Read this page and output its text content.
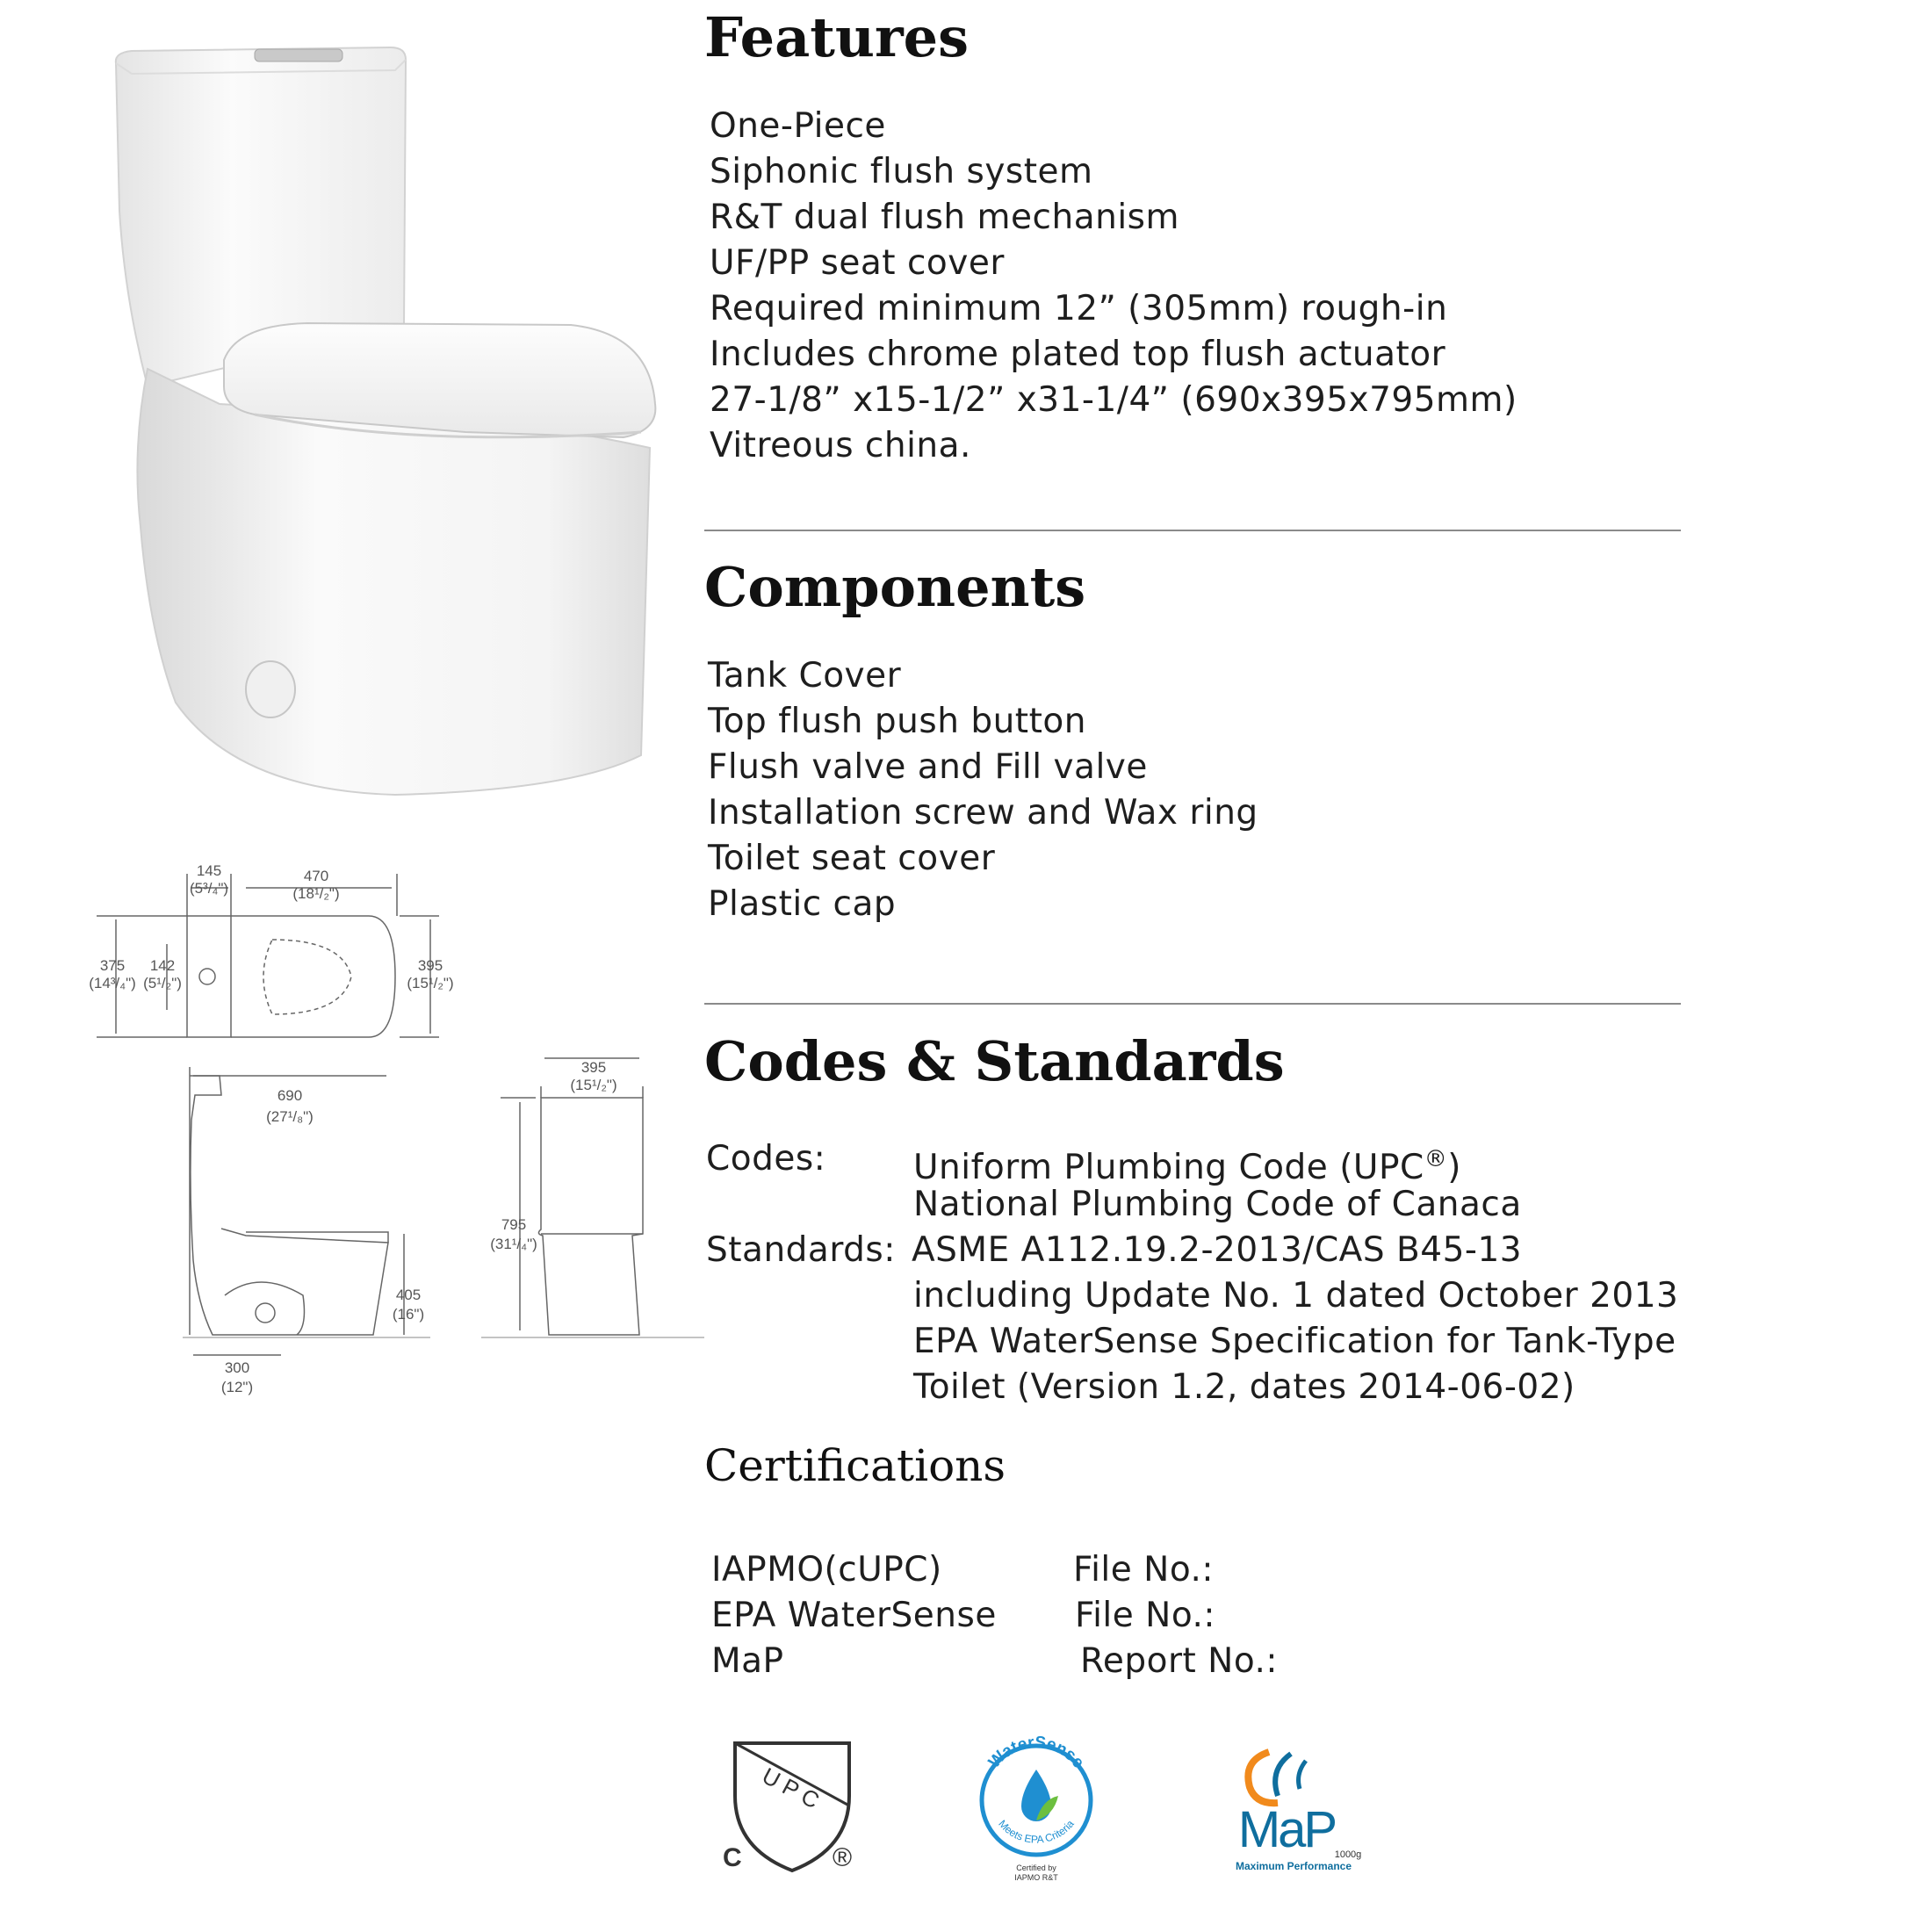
145
(5³/₄")
470
(18¹/₂")
375
(14³/₄")
142
(5¹/₂")
395
(15¹/₂")
690
(27¹/₈")
405
(16")
300
(12")
395
(15¹/₂")
795
(31¹/₄")
Features
One-Piece
Siphonic flush system
R&T dual flush mechanism
UF/PP seat cover
Required minimum 12” (305mm) rough-in
Includes chrome plated top flush actuator
27-1/8” x15-1/2” x31-1/4” (690x395x795mm)
Vitreous china.
Components
Tank Cover
Top flush push button
Flush valve and Fill valve
Installation screw and Wax ring
Toilet seat cover
Plastic cap
Codes & Standards
Codes:	Uniform Plumbing Code (UPC®)
National Plumbing Code of Canaca
Standards: ASME A112.19.2-2013/CAS B45-13
including Update No. 1 dated October 2013
EPA WaterSense Specification for Tank-Type
Toilet (Version 1.2, dates 2014-06-02)
Certifications
IAPMO(cUPC)	File No.:
EPA WaterSense File No.:
MaP	Report No.:
U P C
C	®
WaterSense
Meets EPA Criteria
Certified by
IAPMO R&T
MaP 1000g
Maximum Performance
